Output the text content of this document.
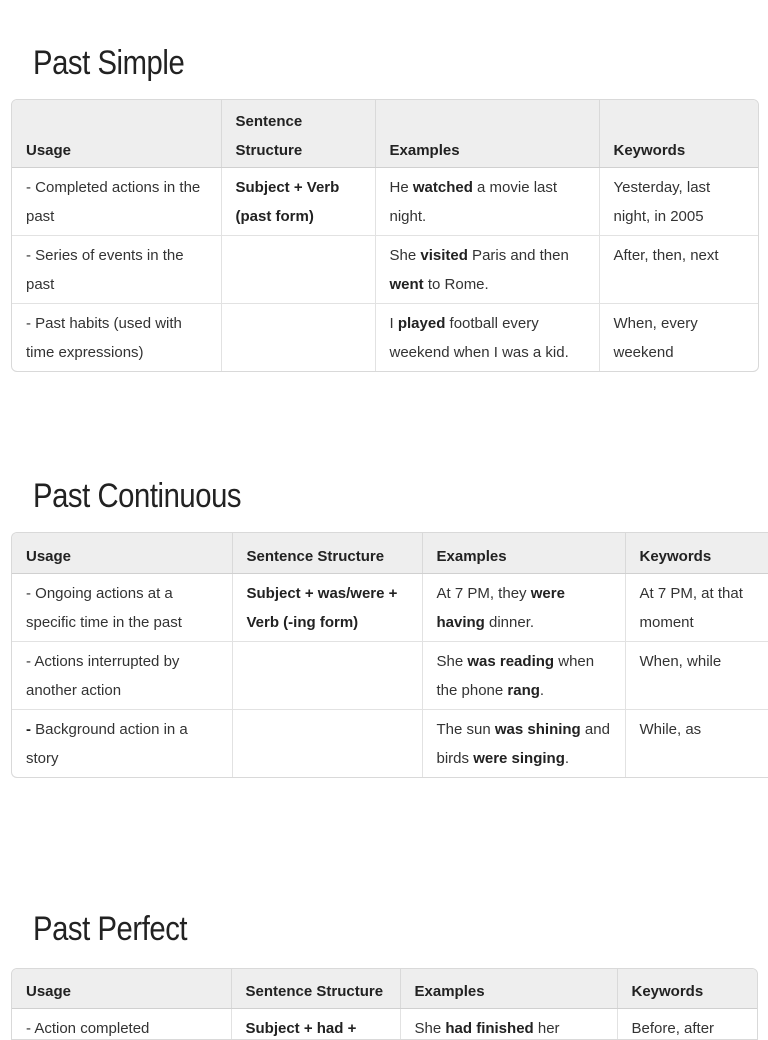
Past Simple
Usage	Sentence Structure	Examples	Keywords
- Completed actions in the past	Subject + Verb (past form)	He watched a movie last night.	Yesterday, last night, in 2005
- Series of events in the past		She visited Paris and then went to Rome.	After, then, next
- Past habits (used with time expressions)		I played football every weekend when I was a kid.	When, every weekend
Past Continuous
Usage	Sentence Structure	Examples	Keywords
- Ongoing actions at a specific time in the past	Subject + was/were + Verb (-ing form)	At 7 PM, they were having dinner.	At 7 PM, at that moment
- Actions interrupted by another action		She was reading when the phone rang.	When, while
- Background action in a story		The sun was shining and birds were singing.	While, as
Past Perfect
Usage	Sentence Structure	Examples	Keywords
- Action completed	Subject + had +	She had finished her	Before, after
